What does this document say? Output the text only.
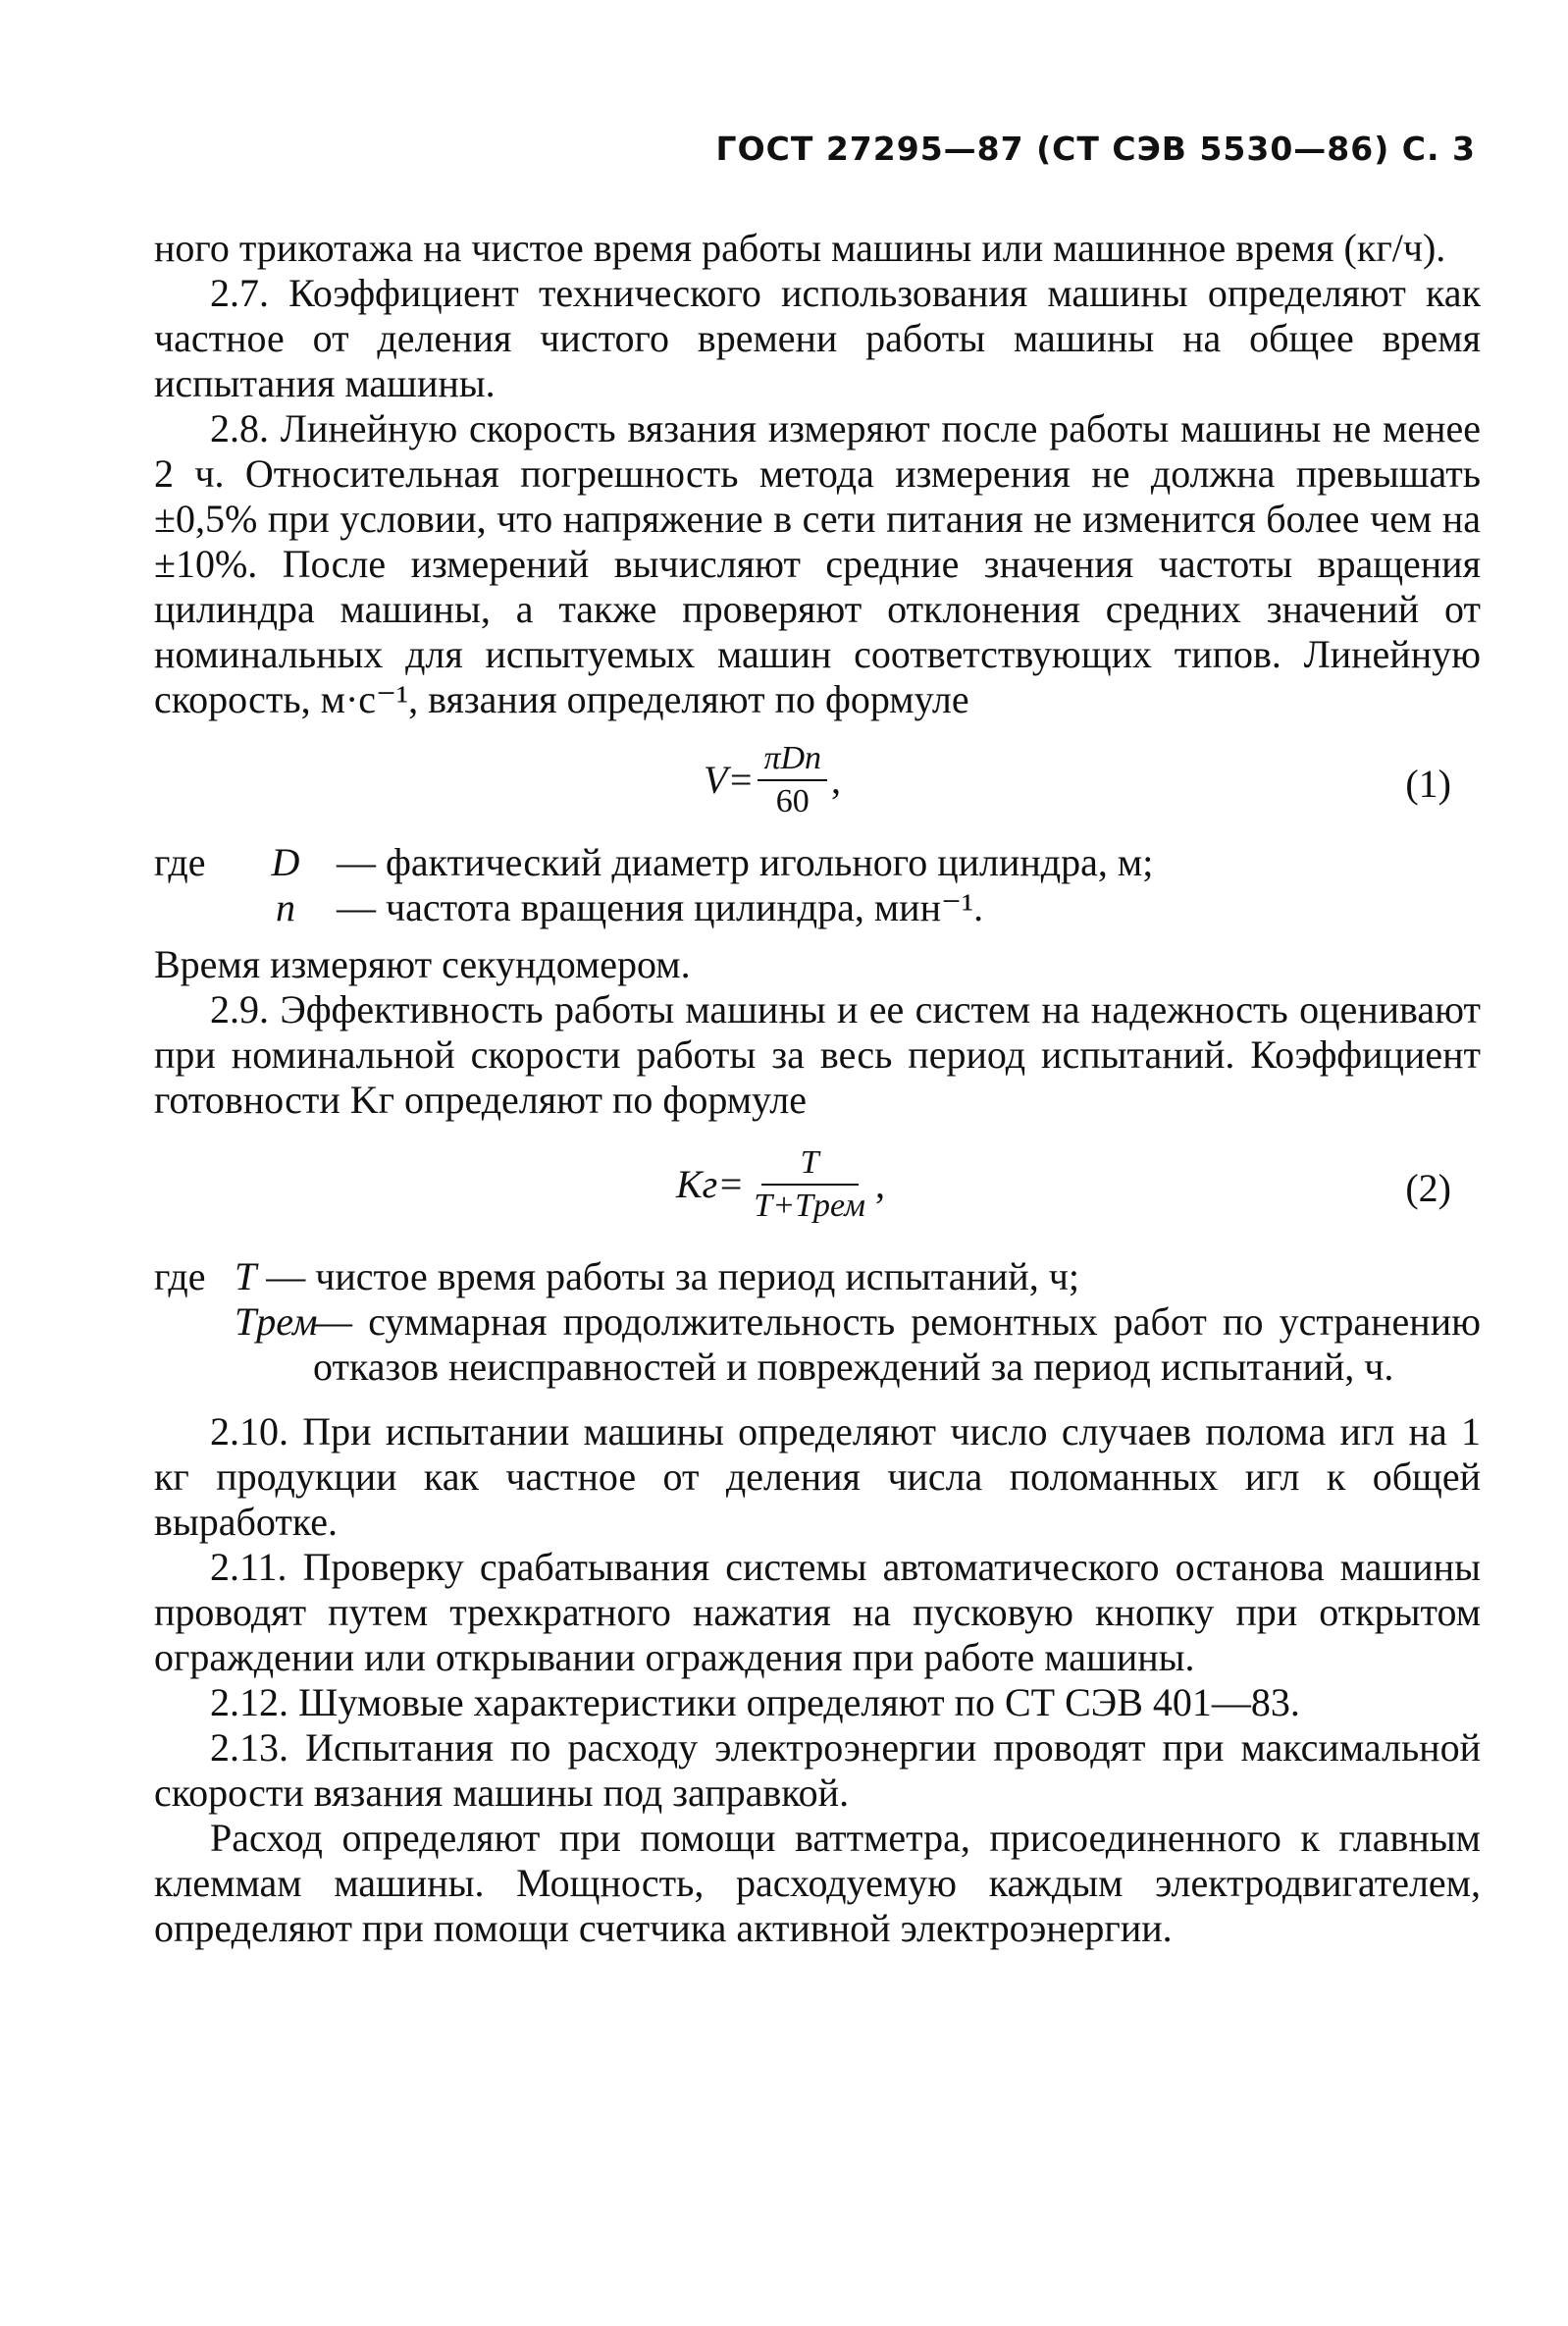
ГОСТ 27295—87 (СТ СЭВ 5530—86) С. 3

ного трикотажа на чистое время работы машины или машинное время (кг/ч).

2.7. Коэффициент технического использования машины определяют как частное от деления чистого времени работы машины на общее время испытания машины.

2.8. Линейную скорость вязания измеряют после работы машины не менее 2 ч. Относительная погрешность метода измерения не должна превышать ±0,5% при условии, что напряжение в сети питания не изменится более чем на ±10%. После измерений вычисляют средние значения частоты вращения цилиндра машины, а также проверяют отклонения средних значений от номинальных для испытуемых машин соответствующих типов. Линейную скорость, м·с⁻¹, вязания определяют по формуле

$V= \frac{\text{πDn}}{60}$ ,	(1)
где	D — фактический диаметр игольного цилиндра, м;
n	— частота вращения цилиндра, мин⁻¹.

Время измеряют секундомером.

2.9. Эффективность работы машины и ее систем на надежность оценивают при номинальной скорости работы за весь период испытаний. Коэффициент готовности Kг определяют по формуле

$Kг= \frac{T}{\text{T+Tрем}}$ ,	(2)
где T — чистое время работы за период испытаний, ч;
Tрем
— суммарная продолжительность ремонтных работ по устранению отказов неисправностей и повреждений за период испытаний, ч.

2.10. При испытании машины определяют число случаев полома игл на 1 кг продукции как частное от деления числа поломанных игл к общей выработке.

2.11. Проверку срабатывания системы автоматического останова машины проводят путем трехкратного нажатия на пусковую кнопку при открытом ограждении или открывании ограждения при работе машины.

2.12. Шумовые характеристики определяют по СТ СЭВ 401—83.

2.13. Испытания по расходу электроэнергии проводят при максимальной скорости вязания машины под заправкой.

Расход определяют при помощи ваттметра, присоединенного к главным клеммам машины. Мощность, расходуемую каждым электродвигателем, определяют при помощи счетчика активной электроэнергии.
